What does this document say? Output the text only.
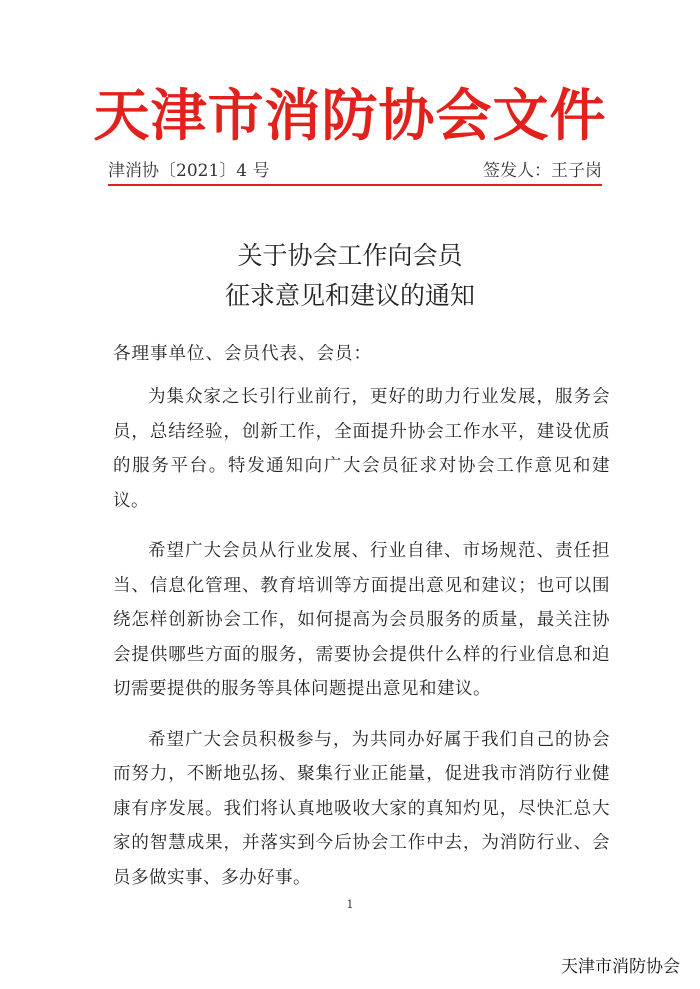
天津市消防协会文件
津消协〔2021〕4 号	签发人：王子岗
关于协会工作向会员
征求意见和建议的通知
各理事单位、会员代表、会员：

为集众家之长引行业前行，更好的助力行业发展，服务会员，总结经验，创新工作，全面提升协会工作水平，建设优质的服务平台。特发通知向广大会员征求对协会工作意见和建议。

希望广大会员从行业发展、行业自律、市场规范、责任担当、信息化管理、教育培训等方面提出意见和建议；也可以围绕怎样创新协会工作，如何提高为会员服务的质量，最关注协会提供哪些方面的服务，需要协会提供什么样的行业信息和迫切需要提供的服务等具体问题提出意见和建议。

希望广大会员积极参与，为共同办好属于我们自己的协会而努力，不断地弘扬、聚集行业正能量，促进我市消防行业健康有序发展。我们将认真地吸收大家的真知灼见，尽快汇总大家的智慧成果，并落实到今后协会工作中去，为消防行业、会员多做实事、多办好事。

1
天津市消防协会
